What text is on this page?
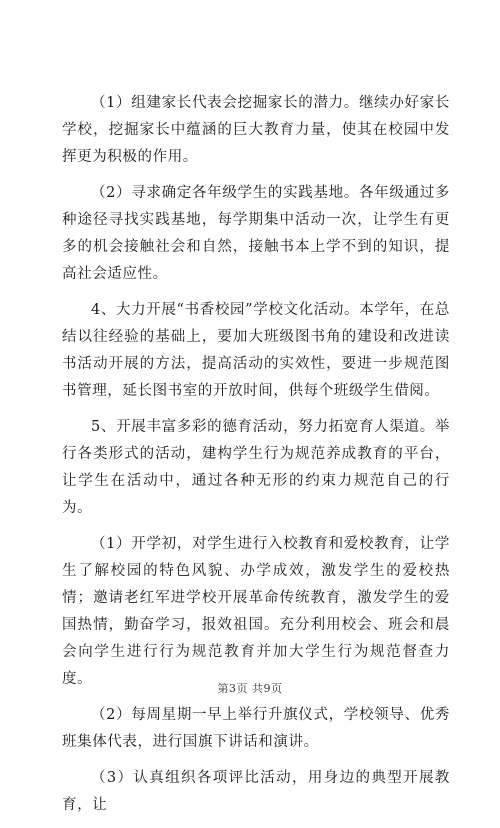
（1）组建家长代表会挖掘家长的潜力。继续办好家长学校，挖掘家长中蕴涵的巨大教育力量，使其在校园中发挥更为积极的作用。

（2）寻求确定各年级学生的实践基地。各年级通过多种途径寻找实践基地，每学期集中活动一次，让学生有更多的机会接触社会和自然，接触书本上学不到的知识，提高社会适应性。

4、大力开展“书香校园”学校文化活动。本学年，在总结以往经验的基础上，要加大班级图书角的建设和改进读书活动开展的方法，提高活动的实效性，要进一步规范图书管理，延长图书室的开放时间，供每个班级学生借阅。

5、开展丰富多彩的德育活动，努力拓宽育人渠道。举行各类形式的活动，建构学生行为规范养成教育的平台，让学生在活动中，通过各种无形的约束力规范自己的行为。

（1）开学初，对学生进行入校教育和爱校教育，让学生了解校园的特色风貌、办学成效，激发学生的爱校热情；邀请老红军进学校开展革命传统教育，激发学生的爱国热情，勤奋学习，报效祖国。充分利用校会、班会和晨会向学生进行行为规范教育并加大学生行为规范督查力度。

（2）每周星期一早上举行升旗仪式，学校领导、优秀班集体代表，进行国旗下讲话和演讲。

（3）认真组织各项评比活动，用身边的典型开展教育，让

第3页 共9页
